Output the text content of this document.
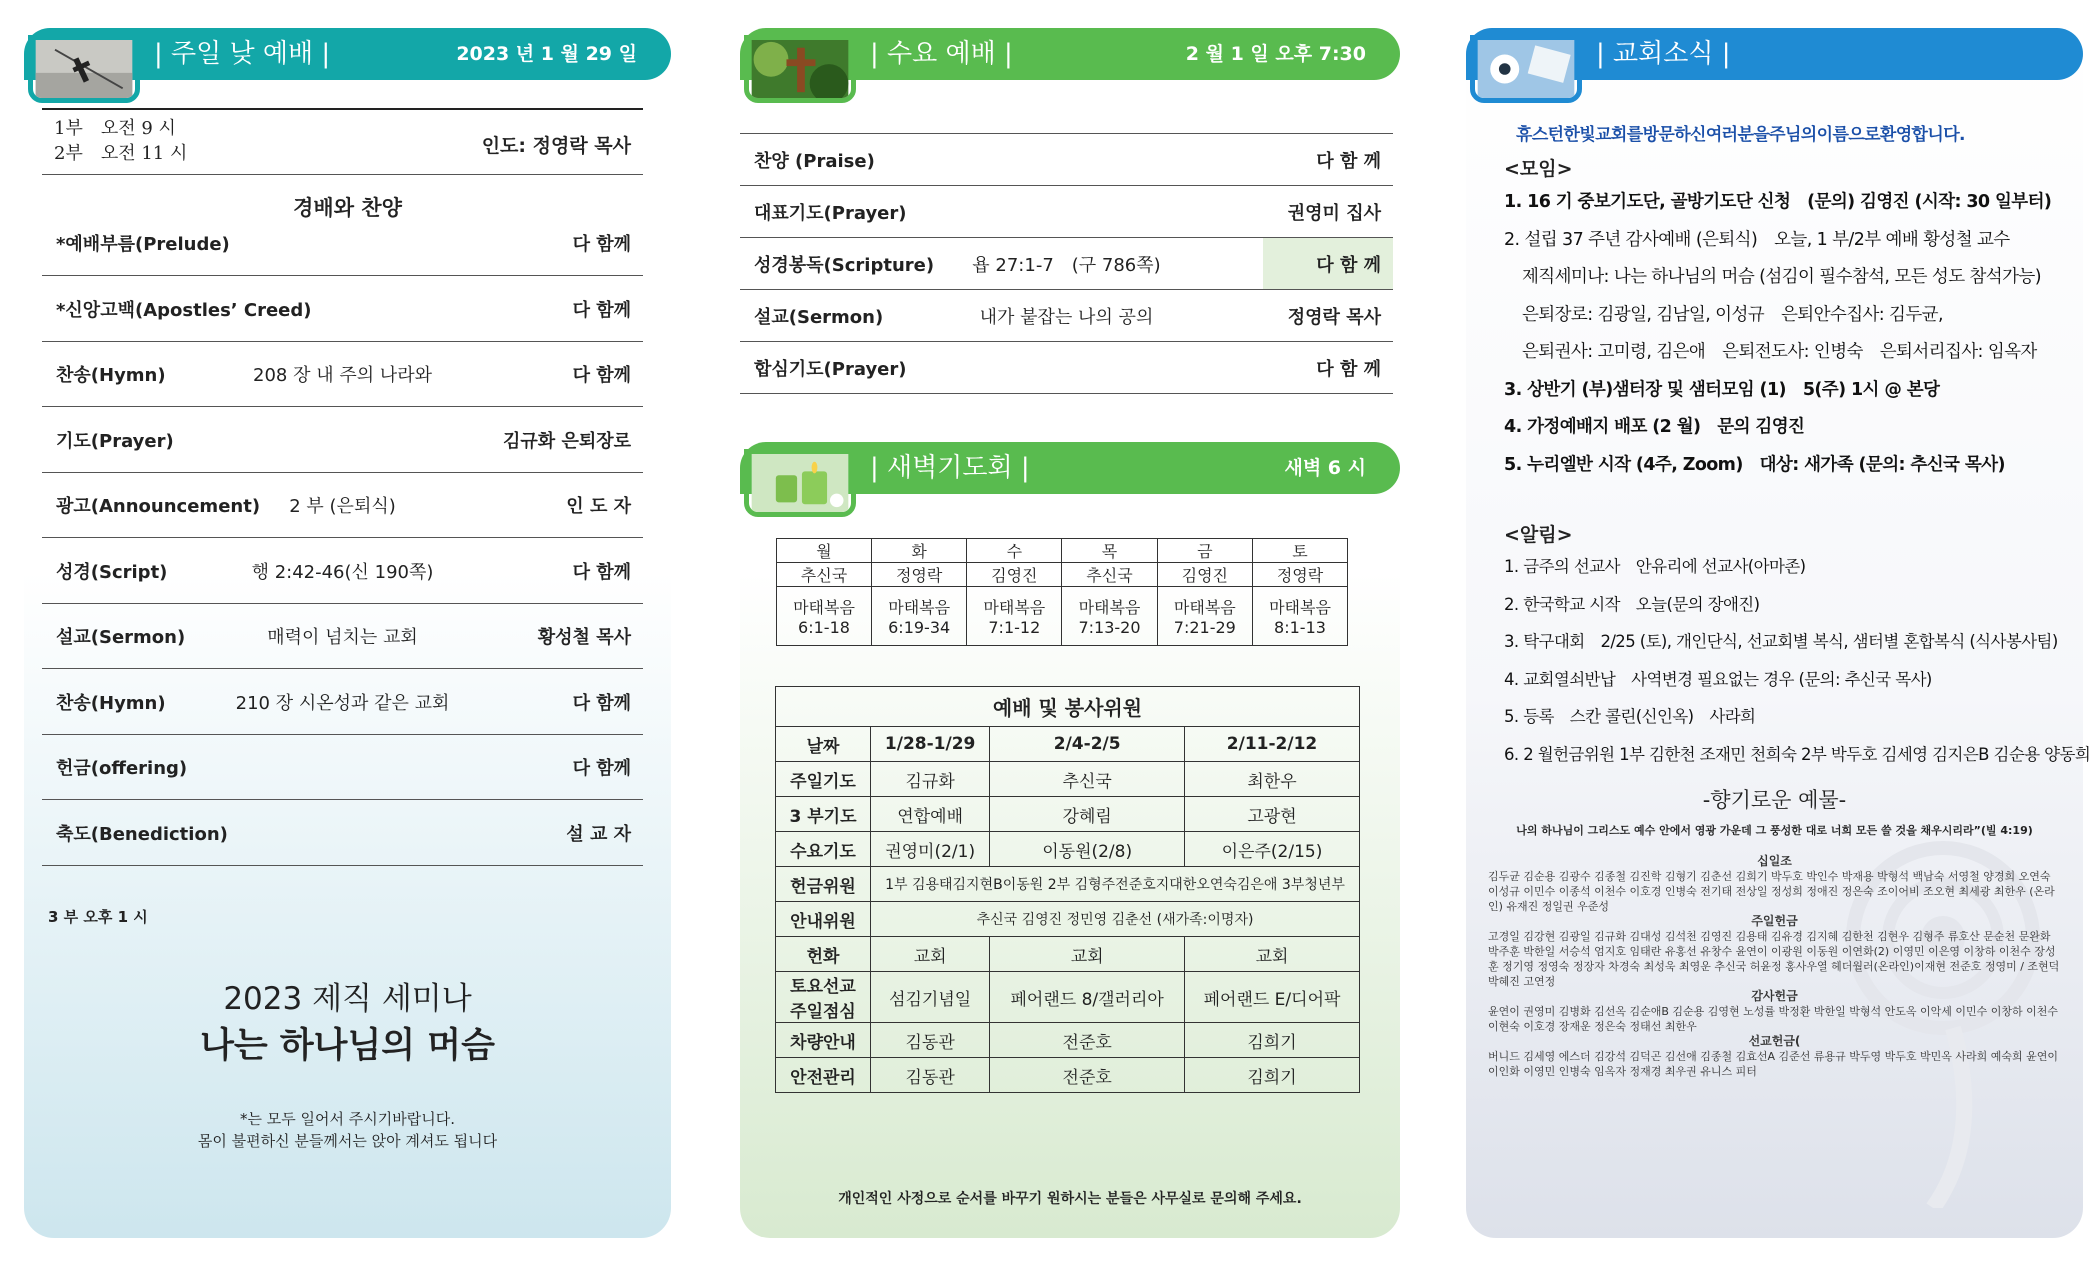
| 주일 낮 예배 |	2023 년 1 월 29 일
1부　오전 9 시
2부　오전 11 시	인도: 정영락 목사
경배와 찬양
3 부 오후 1 시
2023 제직 세미나
나는 하나님의 머슴
*는 모두 일어서 주시기바랍니다.
몸이 불편하신 분들께서는 앉아 계셔도 됩니다
*예배부름(Prelude)	다 함께
*신앙고백(Apostles’ Creed)	다 함께
찬송(Hymn)	208 장 내 주의 나라와	다 함께
기도(Prayer)	김규화 은퇴장로
광고(Announcement)	2 부 (은퇴식)	인 도 자
성경(Script)	행 2:42-46(신 190쪽)	다 함께
설교(Sermon)	매력이 넘치는 교회	황성철 목사
찬송(Hymn)	210 장 시온성과 같은 교회	다 함께
헌금(offering)	다 함께
축도(Benediction)	설 교 자
| 수요 예배 |	2 월 1 일 오후 7:30
| 새벽기도회 |	새벽 6 시
월	화	수	목	금	토
추신국	정영락	김영진	추신국	김영진	정영락
마태복음	마태복음	마태복음	마태복음	마태복음	마태복음
6:1-18	6:19-34	7:1-12	7:13-20	7:21-29	8:1-13
예배 및 봉사위원			
날짜	1/28-1/29	2/4-2/5	2/11-2/12
주일기도	김규화	추신국	최한우
3 부기도	연합예배	강혜림	고광현
수요기도	권영미(2/1)	이동원(2/8)	이은주(2/15)
헌금위원	1부 김용태김지현B이동원 2부 김형주전준호지대한오연숙김은애 3부청년부		
안내위원	추신국 김영진 정민영 김춘선 (새가족:이명자)		
헌화	교회	교회	교회
토요선교
주일점심	섬김기념일	페어랜드 8/갤러리아	페어랜드 E/디어팍
차량안내	김동관	전준호	김희기
안전관리	김동관	전준호	김희기
개인적인 사정으로 순서를 바꾸기 원하시는 분들은 사무실로 문의해 주세요.
찬양 (Praise)	다 함 께
대표기도(Prayer)	권영미 집사
성경봉독(Scripture)	욥 27:1-7　(구 786쪽)	다 함 께
설교(Sermon)	내가 붙잡는 나의 공의	정영락 목사
합심기도(Prayer)	다 함 께
| 교회소식 |
휴스턴한빛교회를방문하신여러분을주님의이름으로환영합니다.
<모임>
<알림>
-향기로운 예물-
나의 하나님이 그리스도 예수 안에서 영광 가운데 그 풍성한 대로 너희 모든 쓸 것을 채우시리라”(빌 4:19)
십일조
김두균 김순용 김광수 김종철 김진학 김형기 김춘선 김희기 박두호 박인수 박재용 박형석 백남숙 서영철 양경희 오연숙 이성규 이민수 이종석 이천수 이호경 인병숙 전기태 전상일 정성희 정애진 정은숙 조이어비 조오현 최세광 최한우 (온라인) 유재진 정일권 우준성
주일헌금
고경일 김강현 김광일 김규화 김대성 김석천 김영진 김용태 김유경 김지혜 김한천 김현우 김형주 류호산 문순천 문완화 박주훈 박한일 서승석 엄지호 임태란 유홍선 유창수 윤연이 이광원 이동원 이연화(2) 이영민 이은영 이창하 이천수 장성훈 정기영 정영숙 정장자 차경숙 최성욱 최영운 추신국 허윤정 홍사우열 헤더월러(온라인)이재현 전준호 정영미 / 조현덕 박혜진 고연정
감사헌금
윤연이 권영미 김병화 김선옥 김순애B 김순용 김영현 노성률 박정환 박한일 박형석 안도옥 이악세 이민수 이창하 이천수 이현숙 이호경 장재운 정은숙 정태선 최한우
선교헌금(
버니드 김세영 에스더 김강석 김덕곤 김선애 김종철 김효선A 김준선 류용규 박두영 박두호 박민옥 사라희 예숙희 윤연이 이인화 이영민 인병숙 임옥자 정재경 최우권 유니스 피터
1. 16 기 중보기도단, 골방기도단 신청　(문의) 김영진 (시작: 30 일부터)
2. 설립 37 주년 감사예배 (은퇴식)　오늘, 1 부/2부 예배 황성철 교수
제직세미나: 나는 하나님의 머슴 (섬김이 필수참석, 모든 성도 참석가능)
은퇴장로: 김광일, 김남일, 이성규　은퇴안수집사: 김두균,
은퇴권사: 고미령, 김은애　은퇴전도사: 인병숙　은퇴서리집사: 임옥자
3. 상반기 (부)샘터장 및 샘터모임 (1)　5(주) 1시 @ 본당
4. 가정예배지 배포 (2 월)　문의 김영진
5. 누리엘반 시작 (4주, Zoom)　대상: 새가족 (문의: 추신국 목사)
1. 금주의 선교사　안유리에 선교사(아마존)
2. 한국학교 시작　오늘(문의 장애진)
3. 탁구대회　2/25 (토), 개인단식, 선교회별 복식, 샘터별 혼합복식 (식사봉사팀)
4. 교회열쇠반납　사역변경 필요없는 경우 (문의: 추신국 목사)
5. 등록　스칸 콜린(신인옥)　사라희
6. 2 월헌금위원 1부 김한천 조재민 천희숙 2부 박두호 김세영 김지은B 김순용 양동희
